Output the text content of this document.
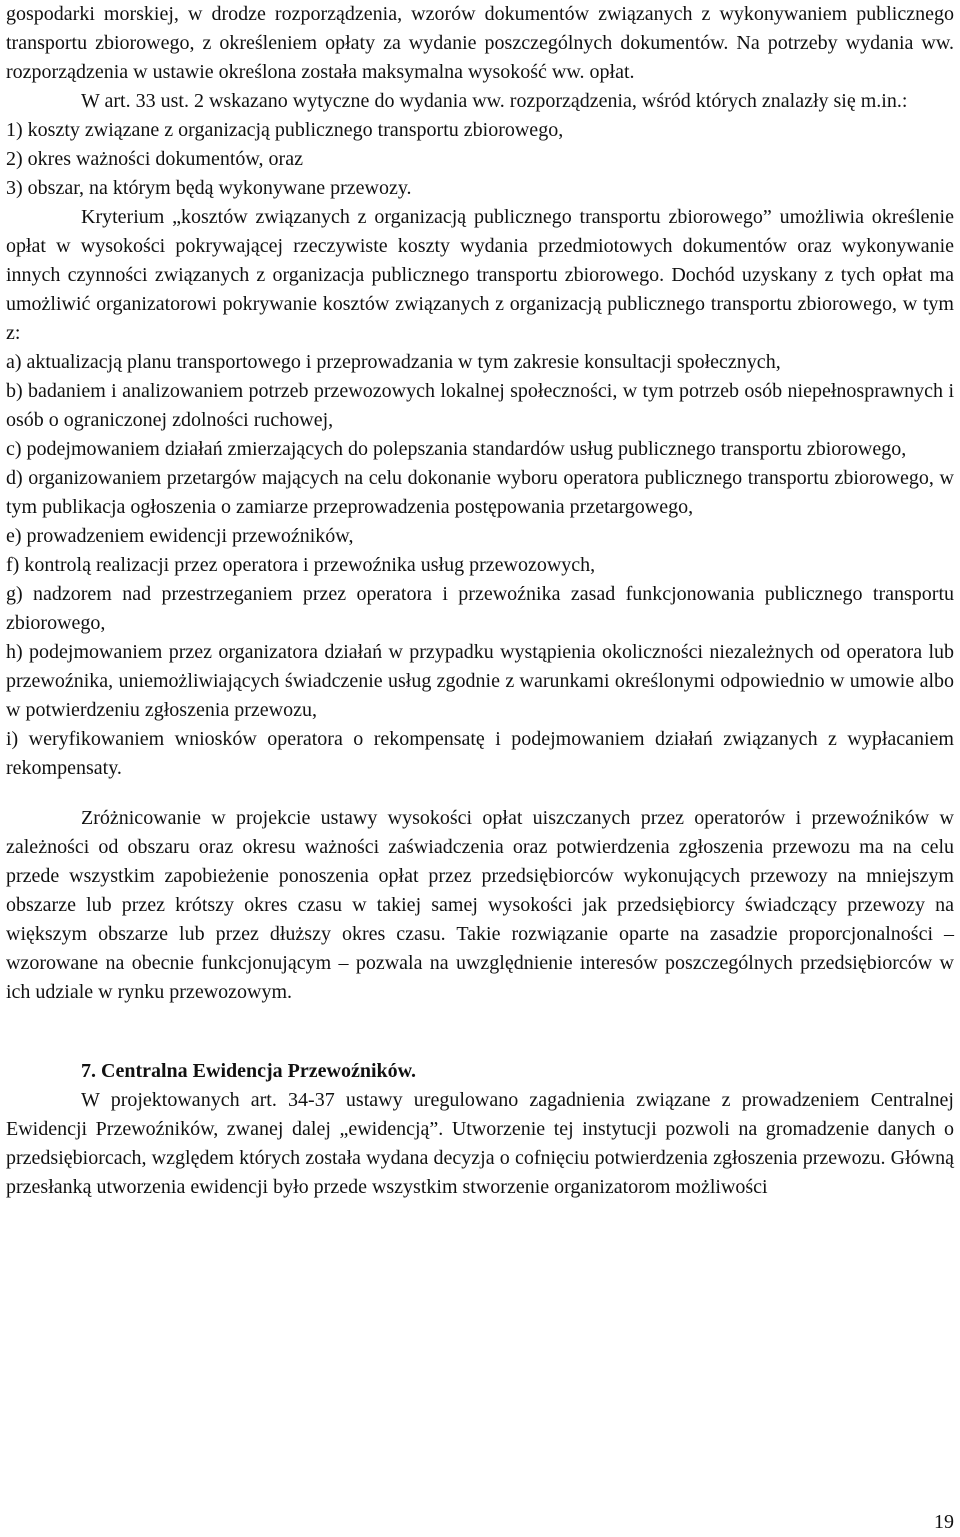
gospodarki morskiej, w drodze rozporządzenia, wzorów dokumentów związanych z wykonywaniem publicznego transportu zbiorowego, z określeniem opłaty za wydanie poszczególnych dokumentów. Na potrzeby wydania ww. rozporządzenia w ustawie określona została maksymalna wysokość ww. opłat.

W art. 33 ust. 2 wskazano wytyczne do wydania ww. rozporządzenia, wśród których znalazły się m.in.:

1) koszty związane z organizacją publicznego transportu zbiorowego,
2) okres ważności dokumentów, oraz
3) obszar, na którym będą wykonywane przewozy.

Kryterium „kosztów związanych z organizacją publicznego transportu zbiorowego” umożliwia określenie opłat w wysokości pokrywającej rzeczywiste koszty wydania przedmiotowych dokumentów oraz wykonywanie innych czynności związanych z organizacja publicznego transportu zbiorowego. Dochód uzyskany z tych opłat ma umożliwić organizatorowi pokrywanie kosztów związanych z organizacją publicznego transportu zbiorowego, w tym z:

a) aktualizacją planu transportowego i przeprowadzania w tym zakresie konsultacji społecznych,

b) badaniem i analizowaniem potrzeb przewozowych lokalnej społeczności, w tym potrzeb osób niepełnosprawnych i osób o ograniczonej zdolności ruchowej,

c) podejmowaniem działań zmierzających do polepszania standardów usług publicznego transportu zbiorowego,

d) organizowaniem przetargów mających na celu dokonanie wyboru operatora publicznego transportu zbiorowego, w tym publikacja ogłoszenia o zamiarze przeprowadzenia postępowania przetargowego,

e) prowadzeniem ewidencji przewoźników,

f) kontrolą realizacji przez operatora i przewoźnika usług przewozowych,

g) nadzorem nad przestrzeganiem przez operatora i przewoźnika zasad funkcjonowania publicznego transportu zbiorowego,

h) podejmowaniem przez organizatora działań w przypadku wystąpienia okoliczności niezależnych od operatora lub przewoźnika, uniemożliwiających świadczenie usług zgodnie z warunkami określonymi odpowiednio w umowie albo w potwierdzeniu zgłoszenia przewozu,

i) weryfikowaniem wniosków operatora o rekompensatę i podejmowaniem działań związanych z wypłacaniem rekompensaty.

Zróżnicowanie w projekcie ustawy wysokości opłat uiszczanych przez operatorów i przewoźników w zależności od obszaru oraz okresu ważności zaświadczenia oraz potwierdzenia zgłoszenia przewozu ma na celu przede wszystkim zapobieżenie ponoszenia opłat przez przedsiębiorców wykonujących przewozy na mniejszym obszarze lub przez krótszy okres czasu w takiej samej wysokości jak przedsiębiorcy świadczący przewozy na większym obszarze lub przez dłuższy okres czasu. Takie rozwiązanie oparte na zasadzie proporcjonalności – wzorowane na obecnie funkcjonującym – pozwala na uwzględnienie interesów poszczególnych przedsiębiorców w ich udziale w rynku przewozowym.

7. Centralna Ewidencja Przewoźników.

W projektowanych art. 34-37 ustawy uregulowano zagadnienia związane z prowadzeniem Centralnej Ewidencji Przewoźników, zwanej dalej „ewidencją”. Utworzenie tej instytucji pozwoli na gromadzenie danych o przedsiębiorcach, względem których została wydana decyzja o cofnięciu potwierdzenia zgłoszenia przewozu. Główną przesłanką utworzenia ewidencji było przede wszystkim stworzenie organizatorom możliwości

19
